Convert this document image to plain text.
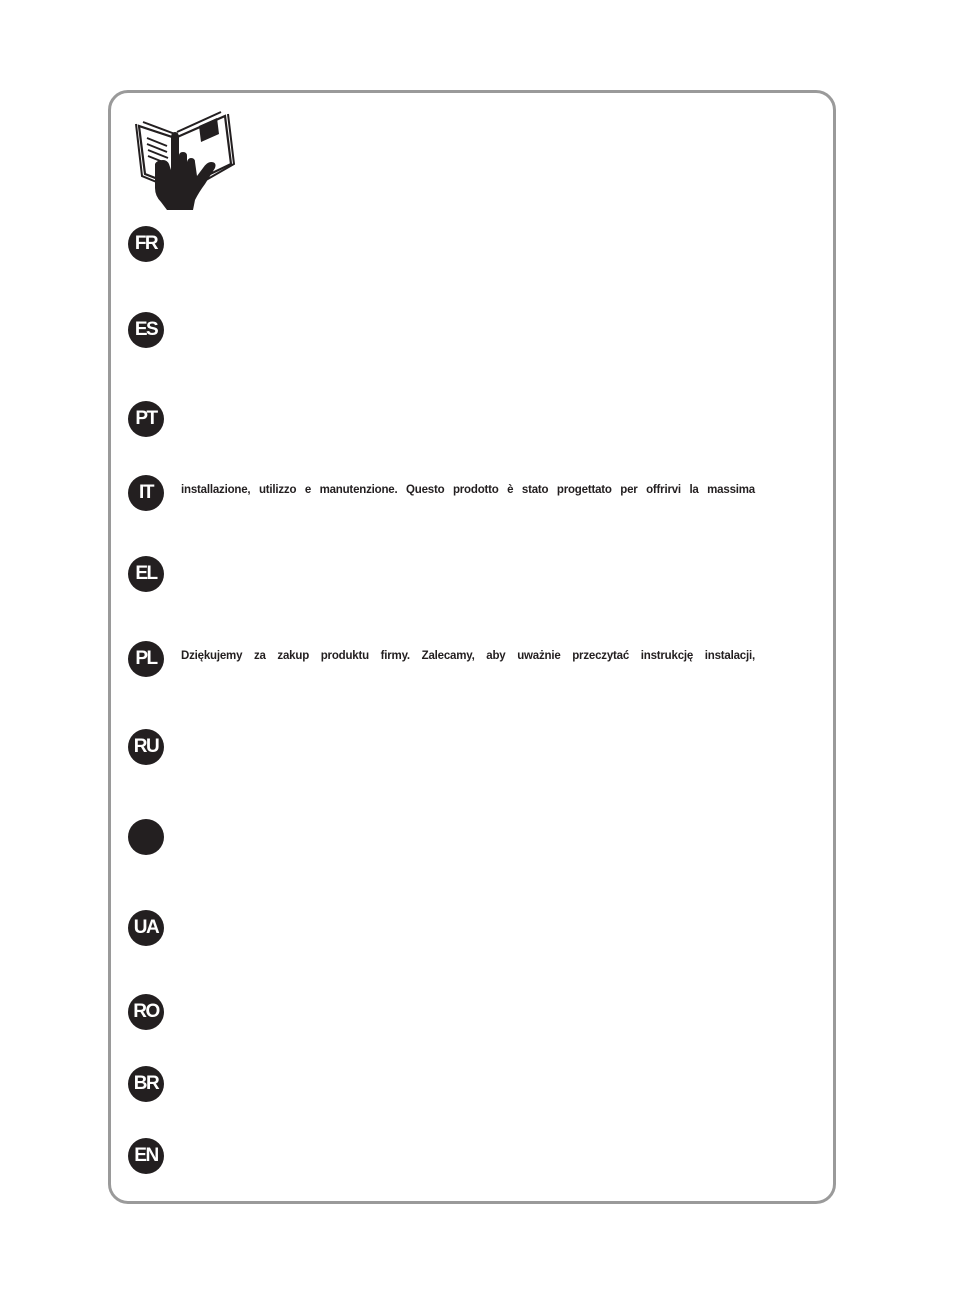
FR
ES
PT
IT	installazione, utilizzo e manutenzione. Questo prodotto è stato progettato per offrirvi la massima
EL
PL	Dziękujemy za zakup produktu firmy. Zalecamy, aby uważnie przeczytać instrukcję instalacji,
RU
UA
RO
BR
EN
